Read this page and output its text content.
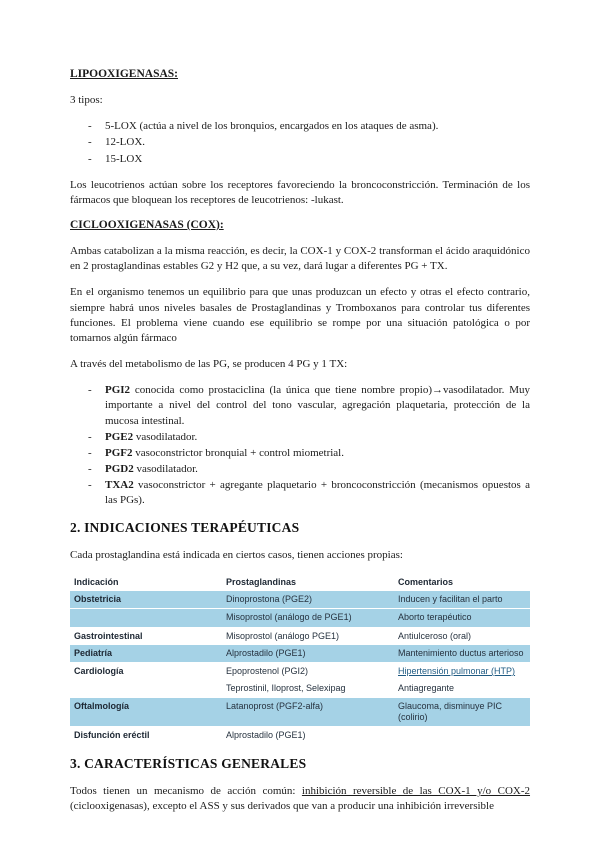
LIPOOXIGENASAS:

3 tipos:

- 5-LOX (actúa a nivel de los bronquios, encargados en los ataques de asma).
- 12-LOX.
- 15-LOX

Los leucotrienos actúan sobre los receptores favoreciendo la broncoconstricción. Terminación de los fármacos que bloquean los receptores de leucotrienos: -lukast.

CICLOOXIGENASAS (COX):

Ambas catabolizan a la misma reacción, es decir, la COX-1 y COX-2 transforman el ácido araquidónico en 2 prostaglandinas estables G2 y H2 que, a su vez, dará lugar a diferentes PG + TX.

En el organismo tenemos un equilibrio para que unas produzcan un efecto y otras el efecto contrario, siempre habrá unos niveles basales de Prostaglandinas y Tromboxanos para controlar tus diferentes funciones. El problema viene cuando ese equilibrio se rompe por una situación patológica o por tomarnos algún fármaco

A través del metabolismo de las PG, se producen 4 PG y 1 TX:

- PGI2 conocida como prostaciclina (la única que tiene nombre propio)→vasodilatador. Muy importante a nivel del control del tono vascular, agregación plaquetaria, protección de la mucosa intestinal.
- PGE2 vasodilatador.
- PGF2 vasoconstrictor bronquial + control miometrial.
- PGD2 vasodilatador.
- TXA2 vasoconstrictor + agregante plaquetario + broncoconstricción (mecanismos opuestos a las PGs).
2. INDICACIONES TERAPÉUTICAS

Cada prostaglandina está indicada en ciertos casos, tienen acciones propias:

Indicación	Prostaglandinas	Comentarios
Obstetricia	Dinoprostona (PGE2)	Inducen y facilitan el parto
	Misoprostol (análogo de PGE1)	Aborto terapéutico
Gastrointestinal	Misoprostol (análogo PGE1)	Antiulceroso (oral)
Pediatría	Alprostadilo (PGE1)	Mantenimiento ductus arterioso
Cardiología	Epoprostenol (PGI2)	Hipertensión pulmonar (HTP)
	Teprostinil, Iloprost, Selexipag	Antiagregante
Oftalmología	Latanoprost (PGF2-alfa)	Glaucoma, disminuye PIC (colirio)
Disfunción eréctil	Alprostadilo (PGE1)	
3. CARACTERÍSTICAS GENERALES

Todos tienen un mecanismo de acción común: inhibición reversible de las COX-1 y/o COX-2 (ciclooxigenasas), excepto el ASS y sus derivados que van a producir una inhibición irreversible
